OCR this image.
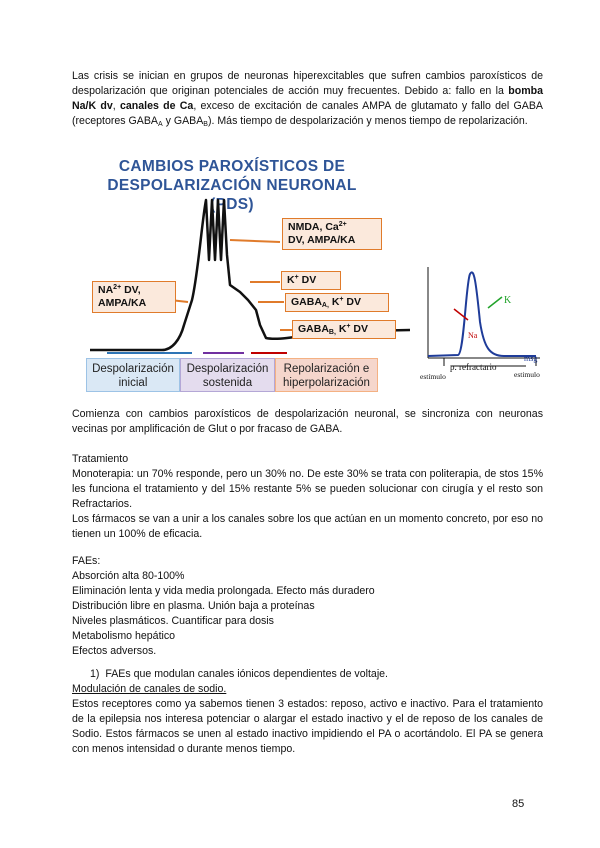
Las crisis se inician en grupos de neuronas hiperexcitables que sufren cambios paroxísticos de despolarización que originan potenciales de acción muy frecuentes. Debido a: fallo en la bomba Na/K dv, canales de Ca, exceso de excitación de canales AMPA de glutamato y fallo del GABA (receptores $GABA_A$ y $GABA_B$). Más tiempo de despolarización y menos tiempo de repolarización.

CAMBIOS PAROXÍSTICOS DE
DESPOLARIZACIÓN NEURONAL (PDS)
$NA^{2+}$ DV,
AMPA/KA
NMDA, $Ca^{2+}$
DV, AMPA/KA
K+ DV
$GABA_{A,}$ K+ DV
$GABA_{B,}$ K+ DV
Despolarización
inicial
Despolarización
sostenida
Repolarización e
hiperpolarización
K
Na
msg
p. refractario
estímulo	estimulo

Comienza con cambios paroxísticos de despolarización neuronal, se sincroniza con neuronas vecinas por amplificación de Glut o por fracaso de GABA.

Tratamiento

Monoterapia: un 70% responde, pero un 30% no. De este 30% se trata con politerapia, de stos 15% les funciona el tratamiento y del 15% restante 5% se pueden solucionar con cirugía y el resto son Refractarios.

Los fármacos se van a unir a los canales sobre los que actúan en un momento concreto, por eso no tienen un 100% de eficacia.

FAEs:

Absorción alta 80-100%
Eliminación lenta y vida media prolongada. Efecto más duradero
Distribución libre en plasma. Unión baja a proteínas
Niveles plasmáticos. Cuantificar para dosis
Metabolismo hepático
Efectos adversos.

1) FAEs que modulan canales iónicos dependientes de voltaje.

Modulación de canales de sodio.

Estos receptores como ya sabemos tienen 3 estados: reposo, activo e inactivo. Para el tratamiento de la epilepsia nos interesa potenciar o alargar el estado inactivo y el de reposo de los canales de Sodio. Estos fármacos se unen al estado inactivo impidiendo el PA o acortándolo. El PA se genera con menos intensidad o durante menos tiempo.

85
